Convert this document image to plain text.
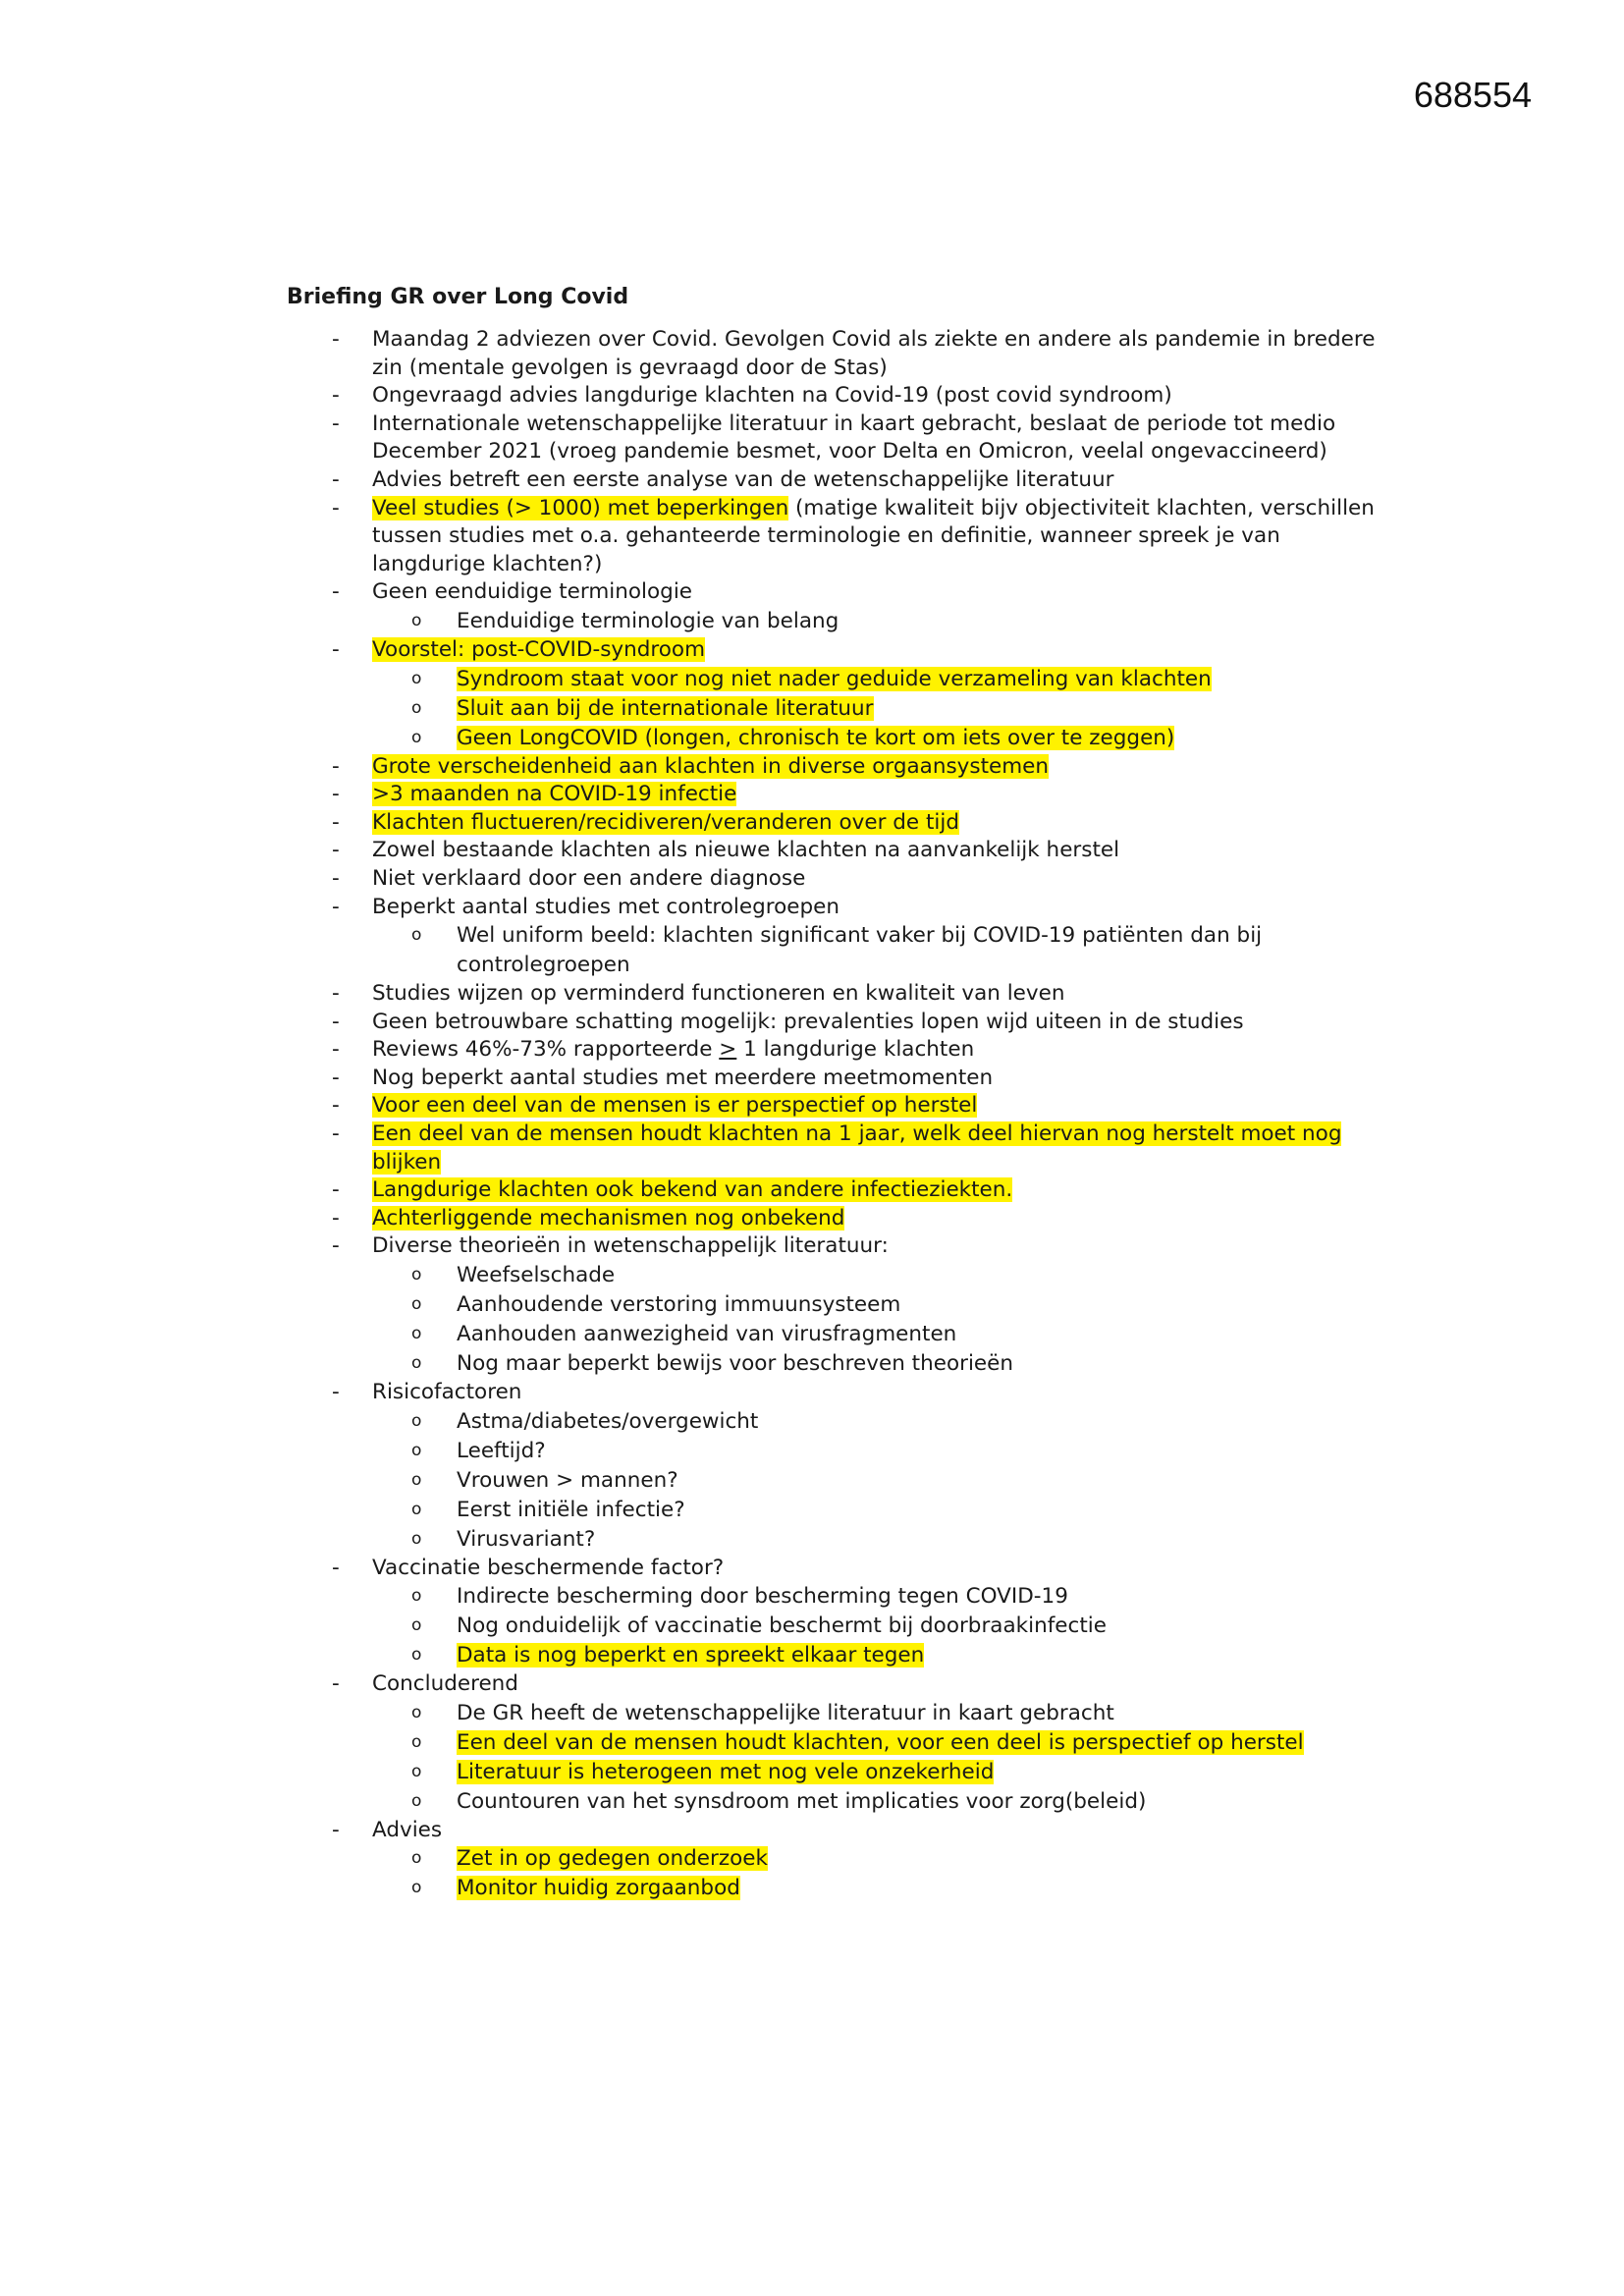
688554
Briefing GR over Long Covid
- Maandag 2 adviezen over Covid. Gevolgen Covid als ziekte en andere als pandemie in bredere zin (mentale gevolgen is gevraagd door de Stas)
- Ongevraagd advies langdurige klachten na Covid-19 (post covid syndroom)
- Internationale wetenschappelijke literatuur in kaart gebracht, beslaat de periode tot medio December 2021 (vroeg pandemie besmet, voor Delta en Omicron, veelal ongevaccineerd)
- Advies betreft een eerste analyse van de wetenschappelijke literatuur
- Veel studies (> 1000) met beperkingen (matige kwaliteit bijv objectiviteit klachten, verschillen tussen studies met o.a. gehanteerde terminologie en definitie, wanneer spreek je van langdurige klachten?)
- Geen eenduidige terminologie
o Eenduidige terminologie van belang
- Voorstel: post-COVID-syndroom
o Syndroom staat voor nog niet nader geduide verzameling van klachten
o Sluit aan bij de internationale literatuur
o Geen LongCOVID (longen, chronisch te kort om iets over te zeggen)
- Grote verscheidenheid aan klachten in diverse orgaansystemen
- >3 maanden na COVID-19 infectie
- Klachten fluctueren/recidiveren/veranderen over de tijd
- Zowel bestaande klachten als nieuwe klachten na aanvankelijk herstel
- Niet verklaard door een andere diagnose
- Beperkt aantal studies met controlegroepen
o Wel uniform beeld: klachten significant vaker bij COVID-19 patiënten dan bij controlegroepen
- Studies wijzen op verminderd functioneren en kwaliteit van leven
- Geen betrouwbare schatting mogelijk: prevalenties lopen wijd uiteen in de studies
- Reviews 46%-73% rapporteerde > 1 langdurige klachten
- Nog beperkt aantal studies met meerdere meetmomenten
- Voor een deel van de mensen is er perspectief op herstel
- Een deel van de mensen houdt klachten na 1 jaar, welk deel hiervan nog herstelt moet nog blijken
- Langdurige klachten ook bekend van andere infectieziekten.
- Achterliggende mechanismen nog onbekend
- Diverse theorieën in wetenschappelijk literatuur:
o Weefselschade
o Aanhoudende verstoring immuunsysteem
o Aanhouden aanwezigheid van virusfragmenten
o Nog maar beperkt bewijs voor beschreven theorieën
- Risicofactoren
o Astma/diabetes/overgewicht
o Leeftijd?
o Vrouwen > mannen?
o Eerst initiële infectie?
o Virusvariant?
- Vaccinatie beschermende factor?
o Indirecte bescherming door bescherming tegen COVID-19
o Nog onduidelijk of vaccinatie beschermt bij doorbraakinfectie
o Data is nog beperkt en spreekt elkaar tegen
- Concluderend
o De GR heeft de wetenschappelijke literatuur in kaart gebracht
o Een deel van de mensen houdt klachten, voor een deel is perspectief op herstel
o Literatuur is heterogeen met nog vele onzekerheid
o Countouren van het synsdroom met implicaties voor zorg(beleid)
- Advies
o Zet in op gedegen onderzoek
o Monitor huidig zorgaanbod
